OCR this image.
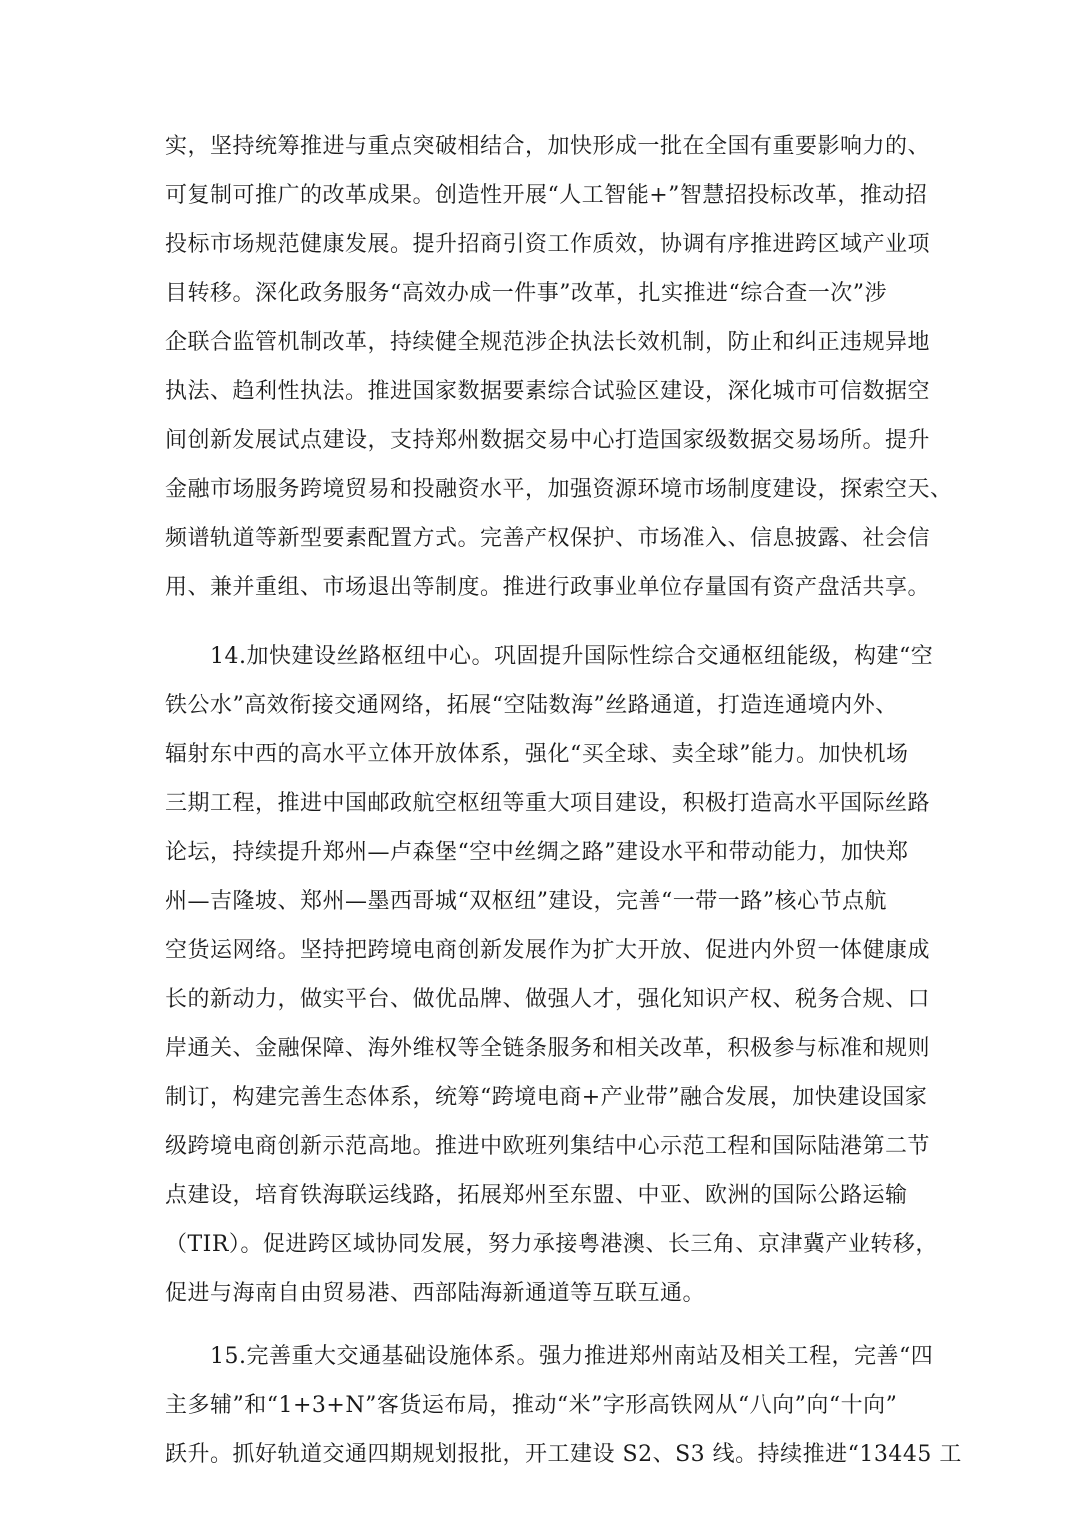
实，坚持统筹推进与重点突破相结合，加快形成一批在全国有重要影响力的、
可复制可推广的改革成果。创造性开展“人工智能+”智慧招投标改革，推动招
投标市场规范健康发展。提升招商引资工作质效，协调有序推进跨区域产业项
目转移。深化政务服务“高效办成一件事”改革，扎实推进“综合查一次”涉
企联合监管机制改革，持续健全规范涉企执法长效机制，防止和纠正违规异地
执法、趋利性执法。推进国家数据要素综合试验区建设，深化城市可信数据空
间创新发展试点建设，支持郑州数据交易中心打造国家级数据交易场所。提升
金融市场服务跨境贸易和投融资水平，加强资源环境市场制度建设，探索空天、
频谱轨道等新型要素配置方式。完善产权保护、市场准入、信息披露、社会信
用、兼并重组、市场退出等制度。推进行政事业单位存量国有资产盘活共享。
14.加快建设丝路枢纽中心。巩固提升国际性综合交通枢纽能级，构建“空
铁公水”高效衔接交通网络，拓展“空陆数海”丝路通道，打造连通境内外、
辐射东中西的高水平立体开放体系，强化“买全球、卖全球”能力。加快机场
三期工程，推进中国邮政航空枢纽等重大项目建设，积极打造高水平国际丝路
论坛，持续提升郑州—卢森堡“空中丝绸之路”建设水平和带动能力，加快郑
州—吉隆坡、郑州—墨西哥城“双枢纽”建设，完善“一带一路”核心节点航
空货运网络。坚持把跨境电商创新发展作为扩大开放、促进内外贸一体健康成
长的新动力，做实平台、做优品牌、做强人才，强化知识产权、税务合规、口
岸通关、金融保障、海外维权等全链条服务和相关改革，积极参与标准和规则
制订，构建完善生态体系，统筹“跨境电商+产业带”融合发展，加快建设国家
级跨境电商创新示范高地。推进中欧班列集结中心示范工程和国际陆港第二节
点建设，培育铁海联运线路，拓展郑州至东盟、中亚、欧洲的国际公路运输
（TIR）。促进跨区域协同发展，努力承接粤港澳、长三角、京津冀产业转移，
促进与海南自由贸易港、西部陆海新通道等互联互通。
15.完善重大交通基础设施体系。强力推进郑州南站及相关工程，完善“四
主多辅”和“1+3+N”客货运布局，推动“米”字形高铁网从“八向”向“十向”
跃升。抓好轨道交通四期规划报批，开工建设 S2、S3 线。持续推进“13445 工
